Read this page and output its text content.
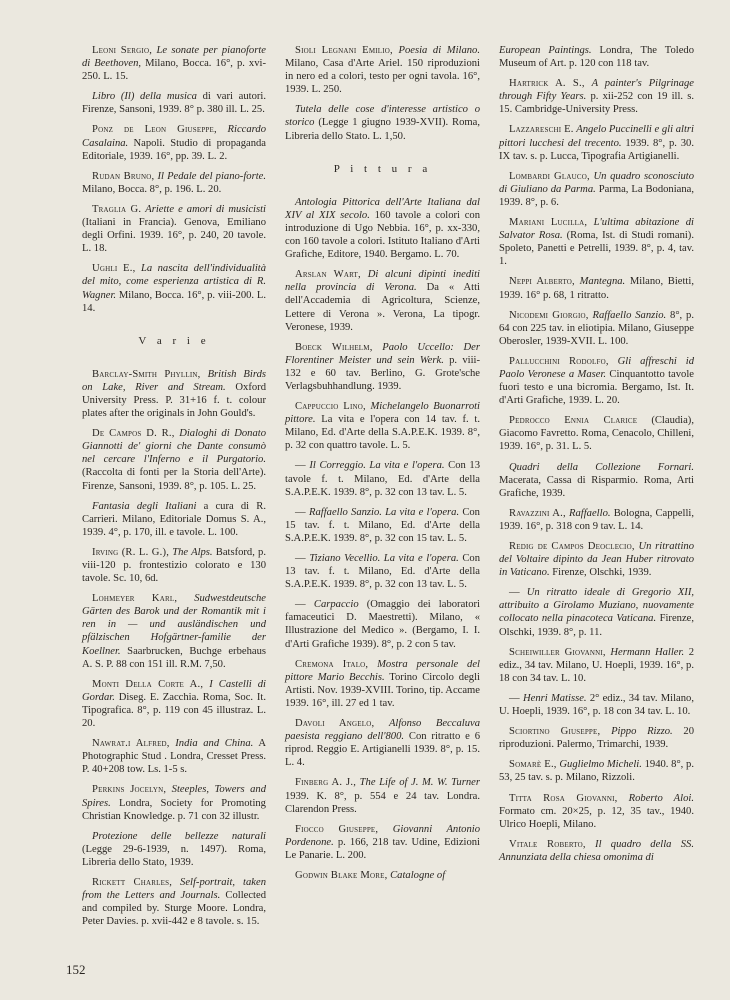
Leoni Sergio, Le sonate per pianoforte di Beethoven, Milano, Bocca. 16°, p. xvi-250. L. 15.

Libro (Il) della musica di vari autori. Firenze, Sansoni, 1939. 8° p. 380 ill. L. 25.

Ponz de Leon Giuseppe, Riccardo Casalaina. Napoli. Studio di propaganda Editoriale, 1939. 16°, pp. 39. L. 2.

Rudan Bruno, Il Pedale del piano-forte. Milano, Bocca. 8°, p. 196. L. 20.

Traglia G. Ariette e amori di musicisti (Italiani in Francia). Genova, Emiliano degli Orfini. 1939. 16°, p. 240, 20 tavole. L. 18.

Ughli E., La nascita dell'individualità del mito, come esperienza artistica di R. Wagner. Milano, Bocca. 16°, p. viii-200. L. 14.

V a r i e

Barclay-Smith Phyllin, British Birds on Lake, River and Stream. Oxford University Press. P. 31+16 f. t. colour plates after the originals in John Gould's.

De Campos D. R., Dialoghi di Donato Giannotti de' giorni che Dante consumò nel cercare l'Inferno e il Purgatorio. (Raccolta di fonti per la Storia dell'Arte). Firenze, Sansoni, 1939. 8°, p. 105. L. 25.

Fantasia degli Italiani a cura di R. Carrieri. Milano, Editoriale Domus S. A., 1939. 4°, p. 170, ill. e tavole. L. 100.

Irving (R. L. G.), The Alps. Batsford, p. viii-120 p. frontestizio colorato e 130 tavole. Sc. 10, 6d.

Lohmeyer Karl, Sudwestdeutsche Gärten des Barok und der Romantik mit i ren in — und ausländischen und pfälzischen Hofgärtner-familie der Koellner. Saarbrucken, Buchge erbehaus A. S. P. 88 con 151 ill. R.M. 7,50.

Monti Della Corte A., I Castelli di Gordar. Diseg. E. Zacchia. Roma, Soc. It. Tipografica. 8°, p. 119 con 45 illustraz. L. 20.

Nawrat.i Alfred, India and China. A Photographic Stud . Londra, Cresset Press. P. 40+208 tow. Ls. 1-5 s.

Perkins Jocelyn, Steeples, Towers and Spires. Londra, Society for Promoting Christian Knowledge. p. 71 con 32 illustr.

Protezione delle bellezze naturali (Legge 29-6-1939, n. 1497). Roma, Libreria dello Stato, 1939.

Rickett Charles, Self-portrait, taken from the Letters and Journals. Collected and compiled by. Sturge Moore. Londra, Peter Davies. p. xvii-442 e 8 tavole. s. 15.

Sioli Legnani Emilio, Poesia di Milano. Milano, Casa d'Arte Ariel. 150 riproduzioni in nero ed a colori, testo per ogni tavola. 16°, 1939. L. 250.

Tutela delle cose d'interesse artistico o storico (Legge 1 giugno 1939-XVII). Roma, Libreria dello Stato. L. 1,50.

P i t t u r a

Antologia Pittorica dell'Arte Italiana dal XIV al XIX secolo. 160 tavole a colori con introduzione di Ugo Nebbia. 16°, p. xx-330, con 160 tavole a colori. Istituto Italiano d'Arti Grafiche, Editore, 1940. Bergamo. L. 70.

Arslan Wart, Di alcuni dipinti inediti nella provincia di Verona. Da « Atti dell'Accademia di Agricoltura, Scienze, Lettere di Verona ». Verona, La tipogr. Veronese, 1939.

Boeck Wilhelm, Paolo Uccello: Der Florentiner Meister und sein Werk. p. viii-132 e 60 tav. Berlino, G. Grote'sche Verlagsbuhhandlung. 1939.

Cappuccio Lino, Michelangelo Buonarroti pittore. La vita e l'opera con 14 tav. f. t. Milano, Ed. d'Arte della S.A.P.E.K. 1939. 8°, p. 32 con quattro tavole. L. 5.

— Il Correggio. La vita e l'opera. Con 13 tavole f. t. Milano, Ed. d'Arte della S.A.P.E.K. 1939. 8°, p. 32 con 13 tav. L. 5.

— Raffaello Sanzio. La vita e l'opera. Con 15 tav. f. t. Milano, Ed. d'Arte della S.A.P.E.K. 1939. 8°, p. 32 con 15 tav. L. 5.

— Tiziano Vecellio. La vita e l'opera. Con 13 tav. f. t. Milano, Ed. d'Arte della S.A.P.E.K. 1939. 8°, p. 32 con 13 tav. L. 5.

— Carpaccio (Omaggio dei laboratori famaceutici D. Maestretti). Milano, « Illustrazione del Medico ». (Bergamo, I. I. d'Arti Grafiche 1939). 8°, p. 2 con 5 tav.

Cremona Italo, Mostra personale del pittore Mario Becchis. Torino Circolo degli Artisti. Nov. 1939-XVIII. Torino, tip. Accame 1939. 16°, ill. 27 ed 1 tav.

Davoli Angelo, Alfonso Beccaluva paesista reggiano dell'800. Con ritratto e 6 riprod. Reggio E. Artigianelli 1939. 8°, p. 15. L. 4.

Finberg A. J., The Life of J. M. W. Turner 1939. K. 8°, p. 554 e 24 tav. Londra. Clarendon Press.

Fiocco Giuseppe, Giovanni Antonio Pordenone. p. 166, 218 tav. Udine, Edizioni Le Panarie. L. 200.

Godwin Blake More, Catalogne of

European Paintings. Londra, The Toledo Museum of Art. p. 120 con 118 tav.

Hartrick A. S., A painter's Pilgrinage through Fifty Years. p. xii-252 con 19 ill. s. 15. Cambridge-University Press.

Lazzareschi E. Angelo Puccinelli e gli altri pittori lucchesi del trecento. 1939. 8°, p. 30. IX tav. s. p. Lucca, Tipografia Artigianelli.

Lombardi Glauco, Un quadro sconosciuto di Giuliano da Parma. Parma, La Bodoniana, 1939. 8°, p. 6.

Mariani Lucilla, L'ultima abitazione di Salvator Rosa. (Roma, Ist. di Studi romani). Spoleto, Panetti e Petrelli, 1939. 8°, p. 4, tav. 1.

Neppi Alberto, Mantegna. Milano, Bietti, 1939. 16° p. 68, 1 ritratto.

Nicodemi Giorgio, Raffaello Sanzio. 8°, p. 64 con 225 tav. in eliotipia. Milano, Giuseppe Oberosler, 1939-XVII. L. 100.

Pallucchini Rodolfo, Gli affreschi id Paolo Veronese a Maser. Cinquantotto tavole fuori testo e una bicromia. Bergamo, Ist. It. d'Arti Grafiche, 1939. L. 20.

Pedrocco Ennia Clarice (Claudia), Giacomo Favretto. Roma, Cenacolo, Chilleni, 1939. 16°, p. 31. L. 5.

Quadri della Collezione Fornari. Macerata, Cassa di Risparmio. Roma, Arti Grafiche, 1939.

Ravazzini A., Raffaello. Bologna, Cappelli, 1939. 16°, p. 318 con 9 tav. L. 14.

Redig de Campos Deoclecio, Un ritrattino del Voltaire dipinto da Jean Huber ritrovato in Vaticano. Firenze, Olschki, 1939.

— Un ritratto ideale di Gregorio XII, attribuito a Girolamo Muziano, nuovamente collocato nella pinacoteca Vaticana. Firenze, Olschki, 1939. 8°, p. 11.

Scheiwiller Giovanni, Hermann Haller. 2 ediz., 34 tav. Milano, U. Hoepli, 1939. 16°, p. 18 con 34 tav. L. 10.

— Henri Matisse. 2° ediz., 34 tav. Milano, U. Hoepli, 1939. 16°, p. 18 con 34 tav. L. 10.

Sciortino Giuseppe, Pippo Rizzo. 20 riproduzioni. Palermo, Trimarchi, 1939.

Somarè E., Guglielmo Micheli. 1940. 8°, p. 53, 25 tav. s. p. Milano, Rizzoli.

Titta Rosa Giovanni, Roberto Aloi. Formato cm. 20×25, p. 12, 35 tav., 1940. Ulrico Hoepli, Milano.

Vitale Roberto, Il quadro della SS. Annunziata della chiesa omonima di

152
